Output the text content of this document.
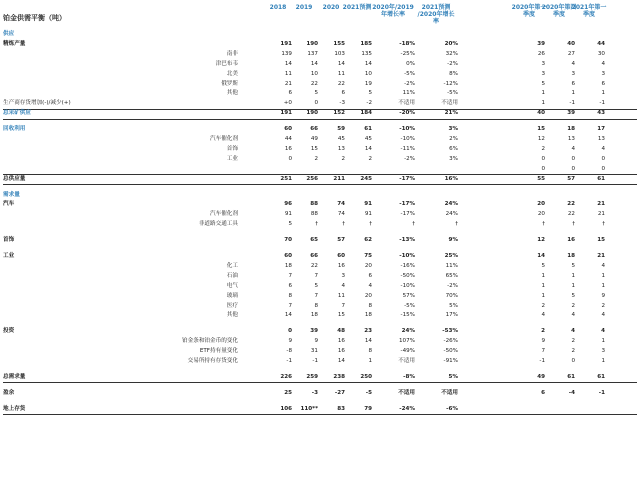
铂金供需平衡（吨）
2018	2019	2020 2021预测 2020年/2019
年增长率
2021预测
/2020年增长
率
2020年第一季度
2020年第四季度
2021年第一季度
供应
精炼产量	191	190	155	185	-18%	20%	39	40	44
南非	139	137	103	135	-25%	32%	26	27	30
津巴布韦	14	14	14	14	0%	-2%	3	4	4
北美	11	10	11	10	-5%	8%	3	3	3
俄罗斯	21	22	22	19	-2%	-12%	5	6	6
其他	6	5	6	5	11%	-5%	1	1	1
生产商存货增加(-)/减少(+)	+0	0	-3	-2	不适用	不适用	1	-1	-1
总采矿供应	191	190	152	184	-20%	21%	40	39	43
回收利用	60	66	59	61	-10%	3%	15	18	17
汽车催化剂	44	49	45	45	-10%	2%	12	13	13
首饰	16	15	13	14	-11%	6%	2	4	4
工业	0	2	2	2	-2%	3%	0	0	0
0	0	0
总供应量	251	256	211	245	-17%	16%	55	57	61
需求量
汽车	96	88	74	91	-17%	24%	20	22	21
汽车催化剂	91	88	74	91	-17%	24%	20	22	21
非道路交通工具	5	†	†	†	†	†	†	†	†
首饰	70	65	57	62	-13%	9%	12	16	15
工业	60	66	60	75	-10%	25%	14	18	21
化工	18	22	16	20	-16%	11%	5	5	4
石油	7	7	3	6	-50%	65%	1	1	1
电气	6	5	4	4	-10%	-2%	1	1	1
玻璃	8	7	11	20	57%	70%	1	5	9
医疗	7	8	7	8	-5%	5%	2	2	2
其他	14	18	15	18	-15%	17%	4	4	4
投资	0	39	48	23	24%	-53%	2	4	4
铂金条和铂金币的变化	9	9	16	14	107%	-26%	9	2	1
ETF持有量变化	-8	31	16	8	-49%	-50%	7	2	3
交易所持有存货变化	-1	-1	14	1	不适用	-91%	-1	0	1
总需求量	226	259	238	250	-8%	5%	49	61	61
盈余	25	-3	-27	-5	不适用	不适用	6	-4	-1
地上存货	106 110**	83	79	-24%	-6%
